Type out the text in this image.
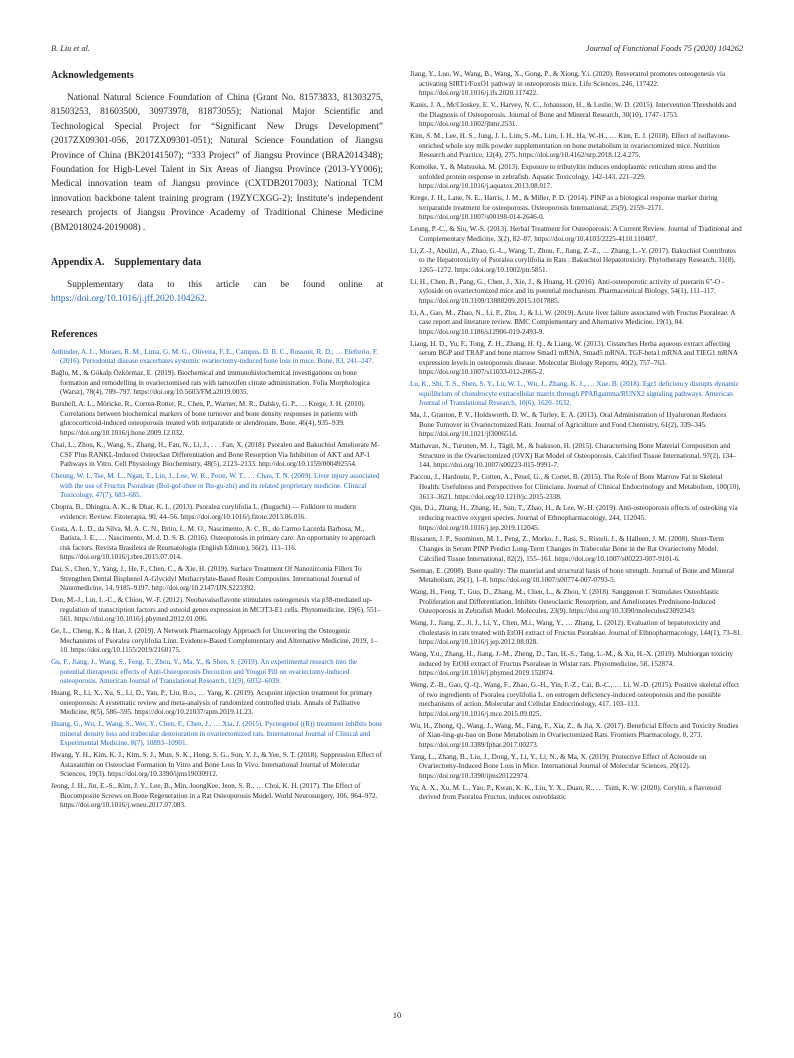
B. Liu et al.	Journal of Functional Foods 75 (2020) 104262
Acknowledgements

National Natural Science Foundation of China (Grant No. 81573833, 81303275, 81503253, 81603500, 30973978, 81873055); National Major Scientific and Technological Special Project for “Significant New Drugs Development” (2017ZX09301-056, 2017ZX09301-051); Natural Science Foundation of Jiangsu Province of China (BK20141507); “333 Project” of Jiangsu Province (BRA2014348); Foundation for High-Level Talent in Six Areas of Jiangsu Province (2013-YY006); Medical innovation team of Jiangsu province (CXTDB2017003); National TCM innovation backbone talent training program (19ZYCXGG-2); Institute’s independent research projects of Jiangsu Province Academy of Traditional Chinese Medicine (BM2018024-2019008) .

Appendix A. Supplementary data

Supplementary data to this article can be found online at https://doi.org/10.1016/j.jff.2020.104262.

References
Anbinder, A. L., Moraes, R. M., Lima, G. M. G., Oliveira, F. E., Campos, D. R. C., Rossoni, R. D., … Elefterio, F. (2016). Periodontal disease exacerbates systemic ovariectomy-induced bone loss in mice. Bone, 83, 241–247.
Bağlu, M., & Gökalp Özkörmaz, E. (2019). Biochemical and immunohistochemical investigations on bone formation and remodelling in ovariectomised rats with tamoxifen citrate administration. Folia Morphologica (Warsz), 78(4), 789–797. https://doi.org/10.5603/FM.a2019.0035.
Burshell, A. L., Möricke, R., Correa-Rotter, R., Chen, P., Warner, M. R., Dalsky, G. P., … Krege, J. H. (2010). Correlations between biochemical markers of bone turnover and bone density responses in patients with glucocorticoid-induced osteoporosis treated with teriparatide or alendronate. Bone, 46(4), 935–939. https://doi.org/10.1016/j.bone.2009.12.032.
Chai, L., Zhou, K., Wang, S., Zhang, H., Fan, N., Li, J., . . . Fan, X. (2018). Psoralen and Bakuchiol Ameliorate M-CSF Plus RANKL-Induced Osteoclast Differentiation and Bone Resorption Via Inhibition of AKT and AP-1 Pathways in Vitro. Cell Physiology Biochemistry, 48(5), 2123–2133. http://doi.org/10.1159/000492554.
Cheung, W. I., Tse, M. L., Ngan, T., Lin, J., Lee, W. K., Poon, W. T., … Chau, T. N. (2009). Liver injury associated with the use of Fructus Psoraleae (Bol-gol-zhee or Bu-gu-zhi) and its related proprietary medicine. Clinical Toxicology, 47(7), 683–685.
Chopra, B., Dhingra, A. K., & Dhar, K. L. (2013). Psoralea corylifolia L. (Buguchi) — Folklore to modern evidence: Review. Fitoterapia, 90, 44–56. https://doi.org/10.1016/j.fitote.2013.06.016.
Costa, A. L. D., da Silva, M. A. C. N., Brito, L. M. O., Nascimento, A. C. B., do Carmo Lacerda Barbosa, M., Batista, J. E., … Nascimento, M. d. D. S. B. (2016). Osteoporosis in primary care: An opportunity to approach risk factors. Revista Brasileira de Reumatologia (English Edition), 56(2), 111–116. https://doi.org/10.1016/j.rbre.2015.07.014.
Dai, S., Chen, Y., Yang, J., He, F., Chen, C., & Xie, H. (2019). Surface Treatment Of Nanozirconia Fillers To Strengthen Dental Bisphenol A-Glycidyl Methacrylate-Based Resin Composites. International Journal of Nanomedicine, 14, 9185–9197. http://doi.org/10.2147/IJN.S223392.
Don, M.-J., Lin, L.-C., & Chiou, W.-F. (2012). Neobavaisoflavone stimulates osteogenesis via p38-mediated up-regulation of transcription factors and osteoid genes expression in MC3T3-E1 cells. Phytomedicine, 19(6), 551–561. https://doi.org/10.1016/j.phymed.2012.01.006.
Ge, L., Cheng, K., & Han, J. (2019). A Network Pharmacology Approach for Uncovering the Osteogenic Mechanisms of Psoralea corylifolia Linn. Evidence-Based Complementary and Alternative Medicine, 2019, 1–10. https://doi.org/10.1155/2019/2160175.
Gu, F., Jiang, J., Wang, S., Feng, T., Zhou, Y., Ma, Y., & Shen, S. (2019). An experimental research into the potential therapeutic effects of Anti-Osteoporosis Decoction and Yougui Pill on ovariectomy-induced osteoporosis. American Journal of Translational Research, 11(9), 6032–6039.
Huang, R., Li, X., Xu, S., Li, D., Yan, P., Liu, B.o., … Yang, K. (2019). Acupoint injection treatment for primary osteoporosis: A systematic review and meta-analysis of randomized controlled trials. Annals of Palliative Medicine, 8(5), 586–595. https://doi.org/10.21037/apm.2019.11.23.
Huang, G., Wu, J., Wang, S., Wei, Y., Chen, F., Chen, J., … Xia, J. (2015). Pycnogenol ((R)) treatment inhibits bone mineral density loss and trabecular deterioration in ovariectomized rats. International Journal of Clinical and Experimental Medicine, 8(7), 10893–10901.
Hwang, Y. H., Kim, K. J., Kim, S. J., Mun, S. K., Hong, S. G., Son, Y. J., & Yee, S. T. (2018). Suppression Effect of Astaxanthin on Osteoclast Formation In Vitro and Bone Loss In Vivo. International Journal of Molecular Sciences, 19(3). https://doi.org/10.3390/ijms19030912.
Jeong, J. H., Jin, E.-S., Kim, J. Y., Lee, B., Min, JoongKee, Jeon, S. R., … Choi, K. H. (2017). The Effect of Biocomposite Screws on Bone Regeneration in a Rat Osteoporosis Model. World Neurosurgery, 106, 964–972. https://doi.org/10.1016/j.wneu.2017.07.083.
Jiang, Y., Luo, W., Wang, B., Wang, X., Gong, P., & Xiong, Y.i. (2020). Resveratrol promotes osteogenesis via activating SIRT1/FoxO1 pathway in osteoporosis mice. Life Sciences, 246, 117422. https://doi.org/10.1016/j.lfs.2020.117422.
Kanis, J. A., McCloskey, E. V., Harvey, N. C., Johansson, H., & Leslie, W. D. (2015). Intervention Thresholds and the Diagnosis of Osteoporosis. Journal of Bone and Mineral Research, 30(10), 1747–1753. https://doi.org/10.1002/jbmr.2531.
Kim, S. M., Lee, H. S., Jung, J. I., Lim, S.-M., Lim, J. H., Ha, W.-H., … Kim, E. J. (2018). Effect of isoflavone-enriched whole soy milk powder supplementation on bone metabolism in ovariectomized mice. Nutrition Research and Practice, 12(4), 275. https://doi.org/10.4162/nrp.2018.12.4.275.
Komoike, Y., & Matsuoka, M. (2013). Exposure to tributyltin induces endoplasmic reticulum stress and the unfolded protein response in zebrafish. Aquatic Toxicology, 142-143, 221–229. https://doi.org/10.1016/j.aquatox.2013.08.017.
Krege, J. H., Lane, N. E., Harris, J. M., & Miller, P. D. (2014). PINP as a biological response marker during teriparatide treatment for osteoporosis. Osteoporosis International, 25(9), 2159–2171. https://doi.org/10.1007/s00198-014-2646-0.
Leung, P.-C., & Siu, W.-S. (2013). Herbal Treatment for Osteoporosis: A Current Review. Journal of Traditional and Complementary Medicine, 3(2), 82–87. https://doi.org/10.4103/2225-4110.110407.
Li, Z.-J., Abulizi, A., Zhao, G.-L., Wang, T., Zhou, F., Jiang, Z.-Z., … Zhang, L.-Y. (2017). Bakuchiol Contributes to the Hepatotoxicity of Psoralea corylifolia in Rats : Bakuchiol Hepatotoxicity. Phytotherapy Research, 31(8), 1265–1272. https://doi.org/10.1002/ptr.5851.
Li, H., Chen, B., Pang, G., Chen, J., Xie, J., & Huang, H. (2016). Anti-osteoporotic activity of puerarin 6″-O -xyloside on ovariectomized mice and its potential mechanism. Pharmaceutical Biology, 54(1), 111–117. https://doi.org/10.3109/13880209.2015.1017885.
Li, A., Gao, M., Zhao, N., Li, P., Zhu, J., & Li, W. (2019). Acute liver failure associated with Fructus Psoraleae: A case report and literature review. BMC Complementary and Alternative Medicine, 19(1), 84. https://doi.org/10.1186/s12906-019-2493-9.
Liang, H. D., Yu, F., Tong, Z. H., Zhang, H. Q., & Liang, W. (2013). Cistanches Herba aqueous extract affecting serum BGP and TRAP and bone marrow Smad1 mRNA, Smad5 mRNA, TGF-beta1 mRNA and TIEG1 mRNA expression levels in osteoporosis disease. Molecular Biology Reports, 40(2), 757–763. https://doi.org/10.1007/s11033-012-2065-2.
Lu, K., Shi, T. S., Shen, S. Y., Lu, W. L., Wu, J., Zhang, K. J., … Xue, B. (2018). Egr1 deficiency disrupts dynamic equilibrium of chondrocyte extracellular matrix through PPARgamma/RUNX2 signaling pathways. American Journal of Translational Research, 10(6), 1620–1632.
Ma, J., Granton, P. V., Holdsworth, D. W., & Turley, E. A. (2013). Oral Administration of Hyaluronan Reduces Bone Turnover in Ovariectomized Rats. Journal of Agriculture and Food Chemistry, 61(2), 339–345. https://doi.org/10.1021/jf300651d.
Mathavan, N., Turunen, M. J., Tägil, M., & Isaksson, H. (2015). Characterising Bone Material Composition and Structure in the Ovariectomized (OVX) Rat Model of Osteoporosis. Calcified Tissue International, 97(2), 134–144. https://doi.org/10.1007/s00223-015-9991-7.
Paccou, J., Hardouin, P., Cotten, A., Penel, G., & Cortet, B. (2015). The Role of Bone Marrow Fat in Skeletal Health: Usefulness and Perspectives for Clinicians. Journal of Clinical Endocrinology and Metabolism, 100(10), 3613–3621. https://doi.org/10.1210/jc.2015-2338.
Qin, D.i., Zhang, H., Zhang, H., Sun, T., Zhao, H., & Lee, W.-H. (2019). Anti-osteoporosis effects of osteoking via reducing reactive oxygen species. Journal of Ethnopharmacology, 244, 112045. https://doi.org/10.1016/j.jep.2019.112045.
Rissanen, J. P., Suominen, M. I., Peng, Z., Morko, J., Rasi, S., Risteli, J., & Halleen, J. M. (2008). Short-Term Changes in Serum PINP Predict Long-Term Changes in Trabecular Bone in the Rat Ovariectomy Model. Calcified Tissue International, 82(2), 155–161. https://doi.org/10.1007/s00223-007-9101-6.
Seeman, E. (2008). Bone quality: The material and structural basis of bone strength. Journal of Bone and Mineral Metabolism, 26(1), 1–8. https://doi.org/10.1007/s00774-007-0793-5.
Wang, H., Feng, T., Guo, D., Zhang, M., Chen, L., & Zhou, Y. (2018). Sanggenon C Stimulates Osteoblastic Proliferation and Differentiation, Inhibits Osteoclastic Resorption, and Ameliorates Prednisone-Induced Osteoporosis in Zebrafish Model. Molecules, 23(9). https://doi.org/10.3390/molecules23092343.
Wang, J., Jiang, Z., Ji, J., Li, Y., Chen, M.i., Wang, Y., … Zhang, L. (2012). Evaluation of hepatotoxicity and cholestasis in rats treated with EtOH extract of Fructus Psoraleae. Journal of Ethnopharmacology, 144(1), 73–81. https://doi.org/10.1016/j.jep.2012.08.028.
Wang, Y.u., Zhang, H., Jiang, J.-M., Zheng, D., Tan, H.-S., Tang, L.-M., & Xu, H.-X. (2019). Multiorgan toxicity induced by EtOH extract of Fructus Psoraleae in Wistar rats. Phytomedicine, 58, 152874. https://doi.org/10.1016/j.phymed.2019.152874.
Weng, Z.-B., Gao, Q.-Q., Wang, F., Zhao, G.-H., Yin, F.-Z., Cai, B.-C., … Li, W.-D. (2015). Positive skeletal effect of two ingredients of Psoralea corylifolia L. on estrogen deficiency-induced osteoporosis and the possible mechanisms of action. Molecular and Cellular Endocrinology, 417, 103–113. https://doi.org/10.1016/j.mce.2015.09.025.
Wu, H., Zhong, Q., Wang, J., Wang, M., Fang, F., Xia, Z., & Jia, X. (2017). Beneficial Effects and Toxicity Studies of Xian-ling-gu-bao on Bone Metabolism in Ovariectomized Rats. Frontiers Pharmacology, 8, 273. https://doi.org/10.3389/fphar.2017.00273.
Yang, L., Zhang, B., Liu, J., Dong, Y., Li, Y., Li, N., & Ma, X. (2019). Protective Effect of Acteoside on Ovariectomy-Induced Bone Loss in Mice. International Journal of Molecular Sciences, 20(12). https://doi.org/10.3390/ijms20122974.
Yu, A. X., Xu, M. L., Yao, P., Kwan, K. K., Liu, Y. X., Duan, R., … Tsim, K. W. (2020). Corylin, a flavonoid derived from Psoralea Fructus, induces osteoblastic
10
